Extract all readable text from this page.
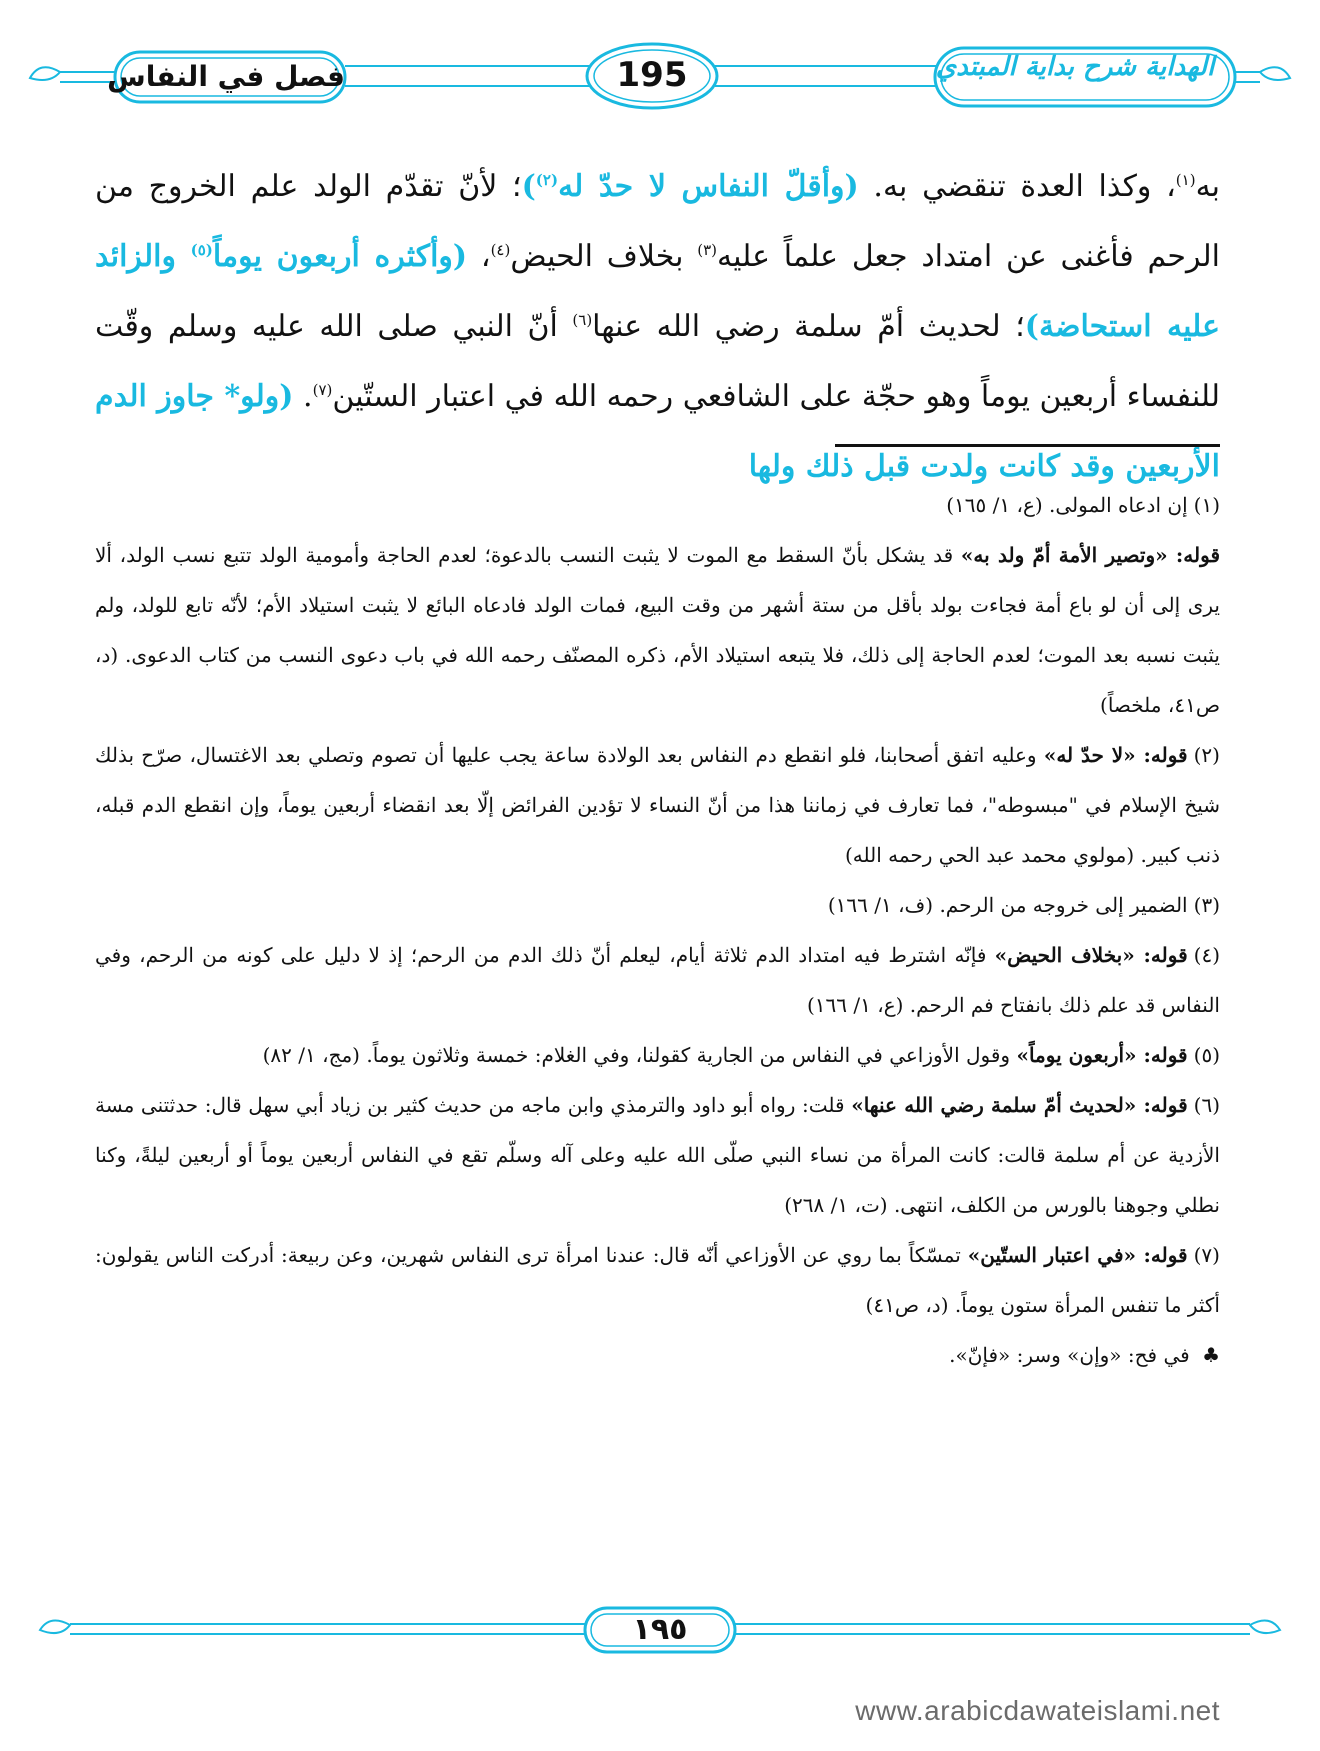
فصل في النفاس	195	الهداية شرح بداية المبتدي

به$^{(١)}$، وكذا العدة تنقضي به. (وأقلّ النفاس لا حدّ له$^{(٢)}$)؛ لأنّ تقدّم الولد علم الخروج من الرحم فأغنى عن امتداد جعل علماً عليه$^{(٣)}$ بخلاف الحيض$^{(٤)}$، (وأكثره أربعون يوماً$^{(٥)}$ والزائد عليه استحاضة)؛ لحديث أمّ سلمة رضي الله عنها$^{(٦)}$ أنّ النبي صلى الله عليه وسلم وقّت للنفساء أربعين يوماً وهو حجّة على الشافعي رحمه الله في اعتبار الستّين$^{(٧)}$. (ولو* جاوز الدم الأربعين وقد كانت ولدت قبل ذلك ولها

(١)إن ادعاه المولى. (ع، ١/ ١٦٥)

قوله: «وتصير الأمة أمّ ولد به» قد يشكل بأنّ السقط مع الموت لا يثبت النسب بالدعوة؛ لعدم الحاجة وأمومية الولد تتبع نسب الولد، ألا يرى إلى أن لو باع أمة فجاءت بولد بأقل من ستة أشهر من وقت البيع، فمات الولد فادعاه البائع لا يثبت استيلاد الأم؛ لأنّه تابع للولد، ولم يثبت نسبه بعد الموت؛ لعدم الحاجة إلى ذلك، فلا يتبعه استيلاد الأم، ذكره المصنّف رحمه الله في باب دعوى النسب من كتاب الدعوى. (د، ص٤١، ملخصاً)

(٢)قوله: «لا حدّ له» وعليه اتفق أصحابنا، فلو انقطع دم النفاس بعد الولادة ساعة يجب عليها أن تصوم وتصلي بعد الاغتسال، صرّح بذلك شيخ الإسلام في "مبسوطه"، فما تعارف في زماننا هذا من أنّ النساء لا تؤدين الفرائض إلّا بعد انقضاء أربعين يوماً، وإن انقطع الدم قبله، ذنب كبير. (مولوي محمد عبد الحي رحمه الله)

(٣)الضمير إلى خروجه من الرحم. (ف، ١/ ١٦٦)

(٤)قوله: «بخلاف الحيض» فإنّه اشترط فيه امتداد الدم ثلاثة أيام، ليعلم أنّ ذلك الدم من الرحم؛ إذ لا دليل على كونه من الرحم، وفي النفاس قد علم ذلك بانفتاح فم الرحم. (ع، ١/ ١٦٦)

(٥)قوله: «أربعون يوماً» وقول الأوزاعي في النفاس من الجارية كقولنا، وفي الغلام: خمسة وثلاثون يوماً. (مج، ١/ ٨٢)

(٦)قوله: «لحديث أمّ سلمة رضي الله عنها» قلت: رواه أبو داود والترمذي وابن ماجه من حديث كثير بن زياد أبي سهل قال: حدثتنى مسة الأزدية عن أم سلمة قالت: كانت المرأة من نساء النبي صلّى الله عليه وعلى آله وسلّم تقع في النفاس أربعين يوماً أو أربعين ليلةً، وكنا نطلي وجوهنا بالورس من الكلف، انتهى. (ت، ١/ ٢٦٨)

(٧)قوله: «في اعتبار الستّين» تمسّكاً بما روي عن الأوزاعي أنّه قال: عندنا امرأة ترى النفاس شهرين، وعن ربيعة: أدركت الناس يقولون: أكثر ما تنفس المرأة ستون يوماً. (د، ص٤١)

♣ في فح: «وإن» وسر: «فإنّ».

١٩٥
www.arabicdawateislami.net
